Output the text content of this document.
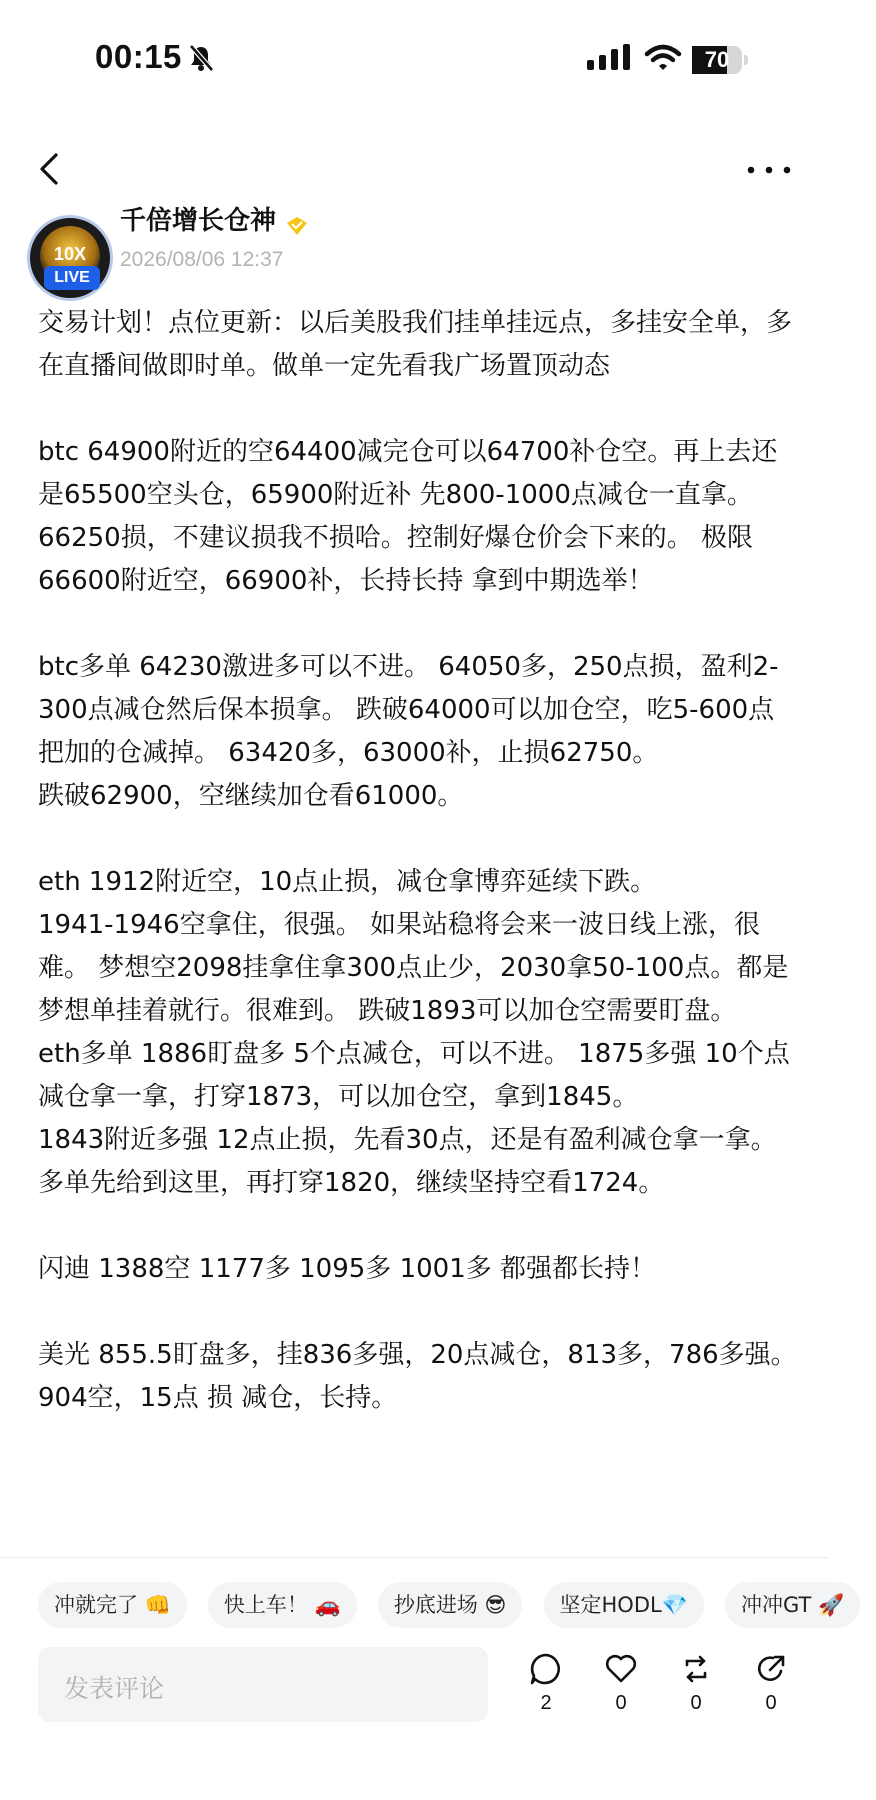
00:15	70
10X
LIVE
千倍增长仓神
2026/08/06 12:37

交易计划！点位更新：以后美股我们挂单挂远点，多挂安全单，多在直播间做即时单。做单一定先看我广场置顶动态

btc 64900附近的空64400减完仓可以64700补仓空。再上去还是65500空头仓，65900附近补 先800-1000点减仓一直拿。 66250损，不建议损我不损哈。控制好爆仓价会下来的。 极限66600附近空，66900补，长持长持 拿到中期选举！

btc多单 64230激进多可以不进。 64050多，250点损，盈利2-300点减仓然后保本损拿。 跌破64000可以加仓空，吃5-600点把加的仓减掉。 63420多，63000补，止损62750。
跌破62900，空继续加仓看61000。

eth 1912附近空，10点止损，减仓拿博弈延续下跌。
1941-1946空拿住，很强。 如果站稳将会来一波日线上涨，很难。 梦想空2098挂拿住拿300点止少，2030拿50-100点。都是梦想单挂着就行。很难到。 跌破1893可以加仓空需要盯盘。
eth多单 1886盯盘多 5个点减仓，可以不进。 1875多强 10个点减仓拿一拿，打穿1873，可以加仓空，拿到1845。
1843附近多强 12点止损，先看30点，还是有盈利减仓拿一拿。 多单先给到这里，再打穿1820，继续坚持空看1724。

闪迪 1388空 1177多 1095多 1001多 都强都长持！

美光 855.5盯盘多，挂836多强，20点减仓，813多，786多强。904空，15点 损 减仓，长持。

冲就完了 👊	快上车！ 🚗	抄底进场 😎	坚定HODL💎	冲冲GT 🚀
发表评论	2	0	0	0
